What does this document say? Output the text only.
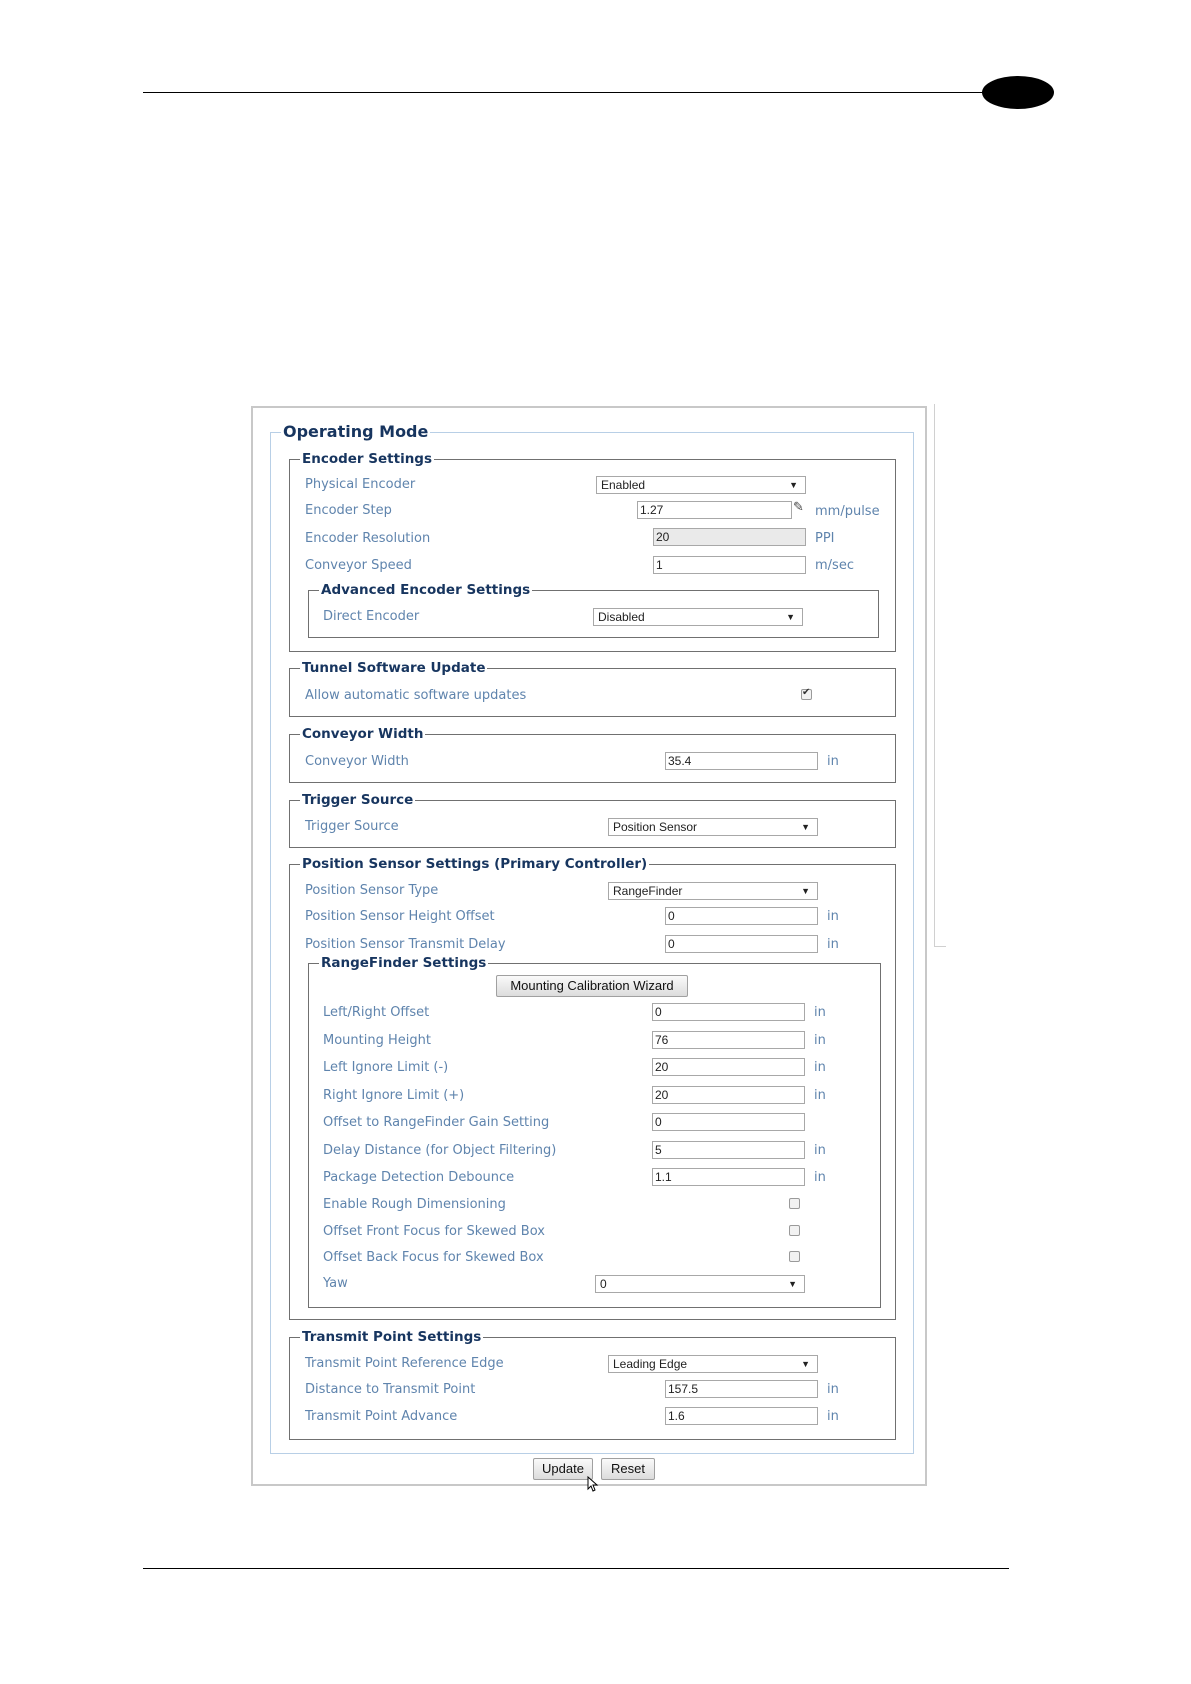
Operating Mode
Encoder Settings
Physical Encoder	Enabled	▼
Encoder Step	1.27	✎ mm/pulse
Encoder Resolution	20	PPI
Conveyor Speed	1	m/sec
Advanced Encoder Settings
Direct Encoder	Disabled	▼
Tunnel Software Update
Allow automatic software updates
✔
Conveyor Width
Conveyor Width	35.4	in
Trigger Source
Trigger Source	Position Sensor	▼
Position Sensor Settings (Primary Controller)
Position Sensor Type	RangeFinder	▼
Position Sensor Height Offset	0	in
Position Sensor Transmit Delay	0	in
RangeFinder Settings
Mounting Calibration Wizard
Left/Right Offset	0	in
Mounting Height	76	in
Left Ignore Limit (-)	20	in
Right Ignore Limit (+)	20	in
Offset to RangeFinder Gain Setting	0
Delay Distance (for Object Filtering)	5	in
Package Detection Debounce	1.1	in
Enable Rough Dimensioning
Offset Front Focus for Skewed Box
Offset Back Focus for Skewed Box
Yaw	0	▼
Transmit Point Settings
Transmit Point Reference Edge	Leading Edge	▼
Distance to Transmit Point	157.5	in
Transmit Point Advance	1.6	in
Update	Reset
